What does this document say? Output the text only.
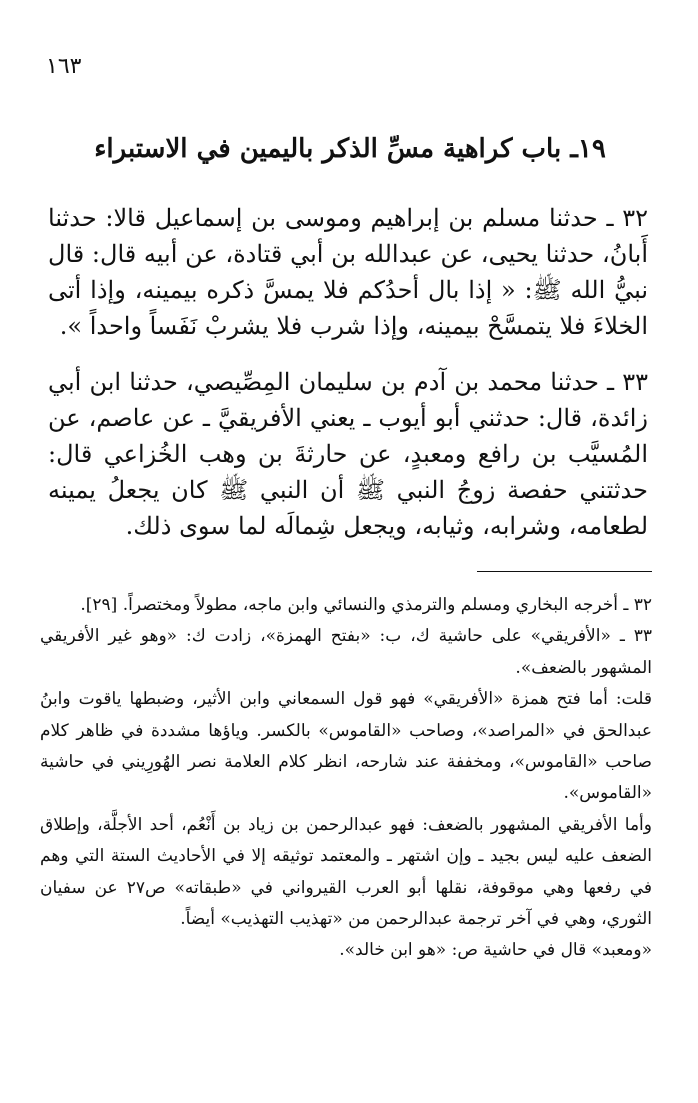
١٦٣
١٩ـ باب كراهية مسِّ الذكر باليمين في الاستبراء

٣٢ ـ حدثنا مسلم بن إبراهيم وموسى بن إسماعيل قالا: حدثنا أَبانُ، حدثنا يحيى، عن عبدالله بن أبي قتادة، عن أبيه قال: قال نبيُّ الله ﷺ: « إذا بال أحدُكم فلا يمسَّ ذكره بيمينه، وإذا أتى الخلاءَ فلا يتمسَّحْ بيمينه، وإذا شرب فلا يشربْ نَفَساً واحداً ».

٣٣ ـ حدثنا محمد بن آدم بن سليمان المِصِّيصي، حدثنا ابن أبي زائدة، قال: حدثني أبو أيوب ـ يعني الأفريقيَّ ـ عن عاصم، عن المُسيَّب بن رافع ومعبدٍ، عن حارثةَ بن وهب الخُزاعي قال: حدثتني حفصة زوجُ النبي ﷺ أن النبي ﷺ كان يجعلُ يمينه لطعامه، وشرابه، وثيابه، ويجعل شِمالَه لما سوى ذلك.

٣٢ ـ أخرجه البخاري ومسلم والترمذي والنسائي وابن ماجه، مطولاً ومختصراً. [٢٩].

٣٣ ـ «الأفريقي» على حاشية ك، ب: «بفتح الهمزة»، زادت ك: «وهو غير الأفريقي المشهور بالضعف».

قلت: أما فتح همزة «الأفريقي» فهو قول السمعاني وابن الأثير، وضبطها ياقوت وابنُ عبدالحق في «المراصد»، وصاحب «القاموس» بالكسر. وياؤها مشددة في ظاهر كلام صاحب «القاموس»، ومخففة عند شارحه، انظر كلام العلامة نصر الهُورِيني في حاشية «القاموس».

وأما الأفريقي المشهور بالضعف: فهو عبدالرحمن بن زياد بن أَنْعُم، أحد الأجلَّة، وإطلاق الضعف عليه ليس بجيد ـ وإن اشتهر ـ والمعتمد توثيقه إلا في الأحاديث الستة التي وهم في رفعها وهي موقوفة، نقلها أبو العرب القيرواني في «طبقاته» ص٢٧ عن سفيان الثوري، وهي في آخر ترجمة عبدالرحمن من «تهذيب التهذيب» أيضاً.

«ومعبد» قال في حاشية ص: «هو ابن خالد».
